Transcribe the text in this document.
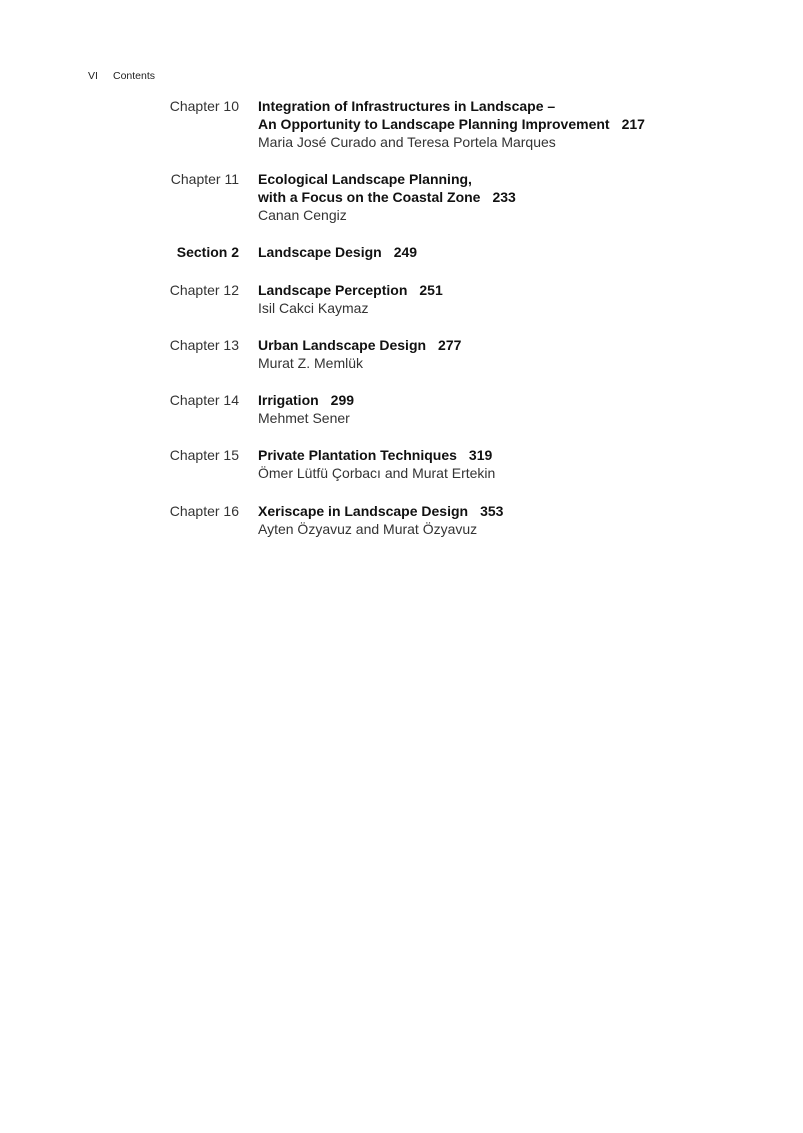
VI Contents
Chapter 10 Integration of Infrastructures in Landscape –
An Opportunity to Landscape Planning Improvement 217
Maria José Curado and Teresa Portela Marques
Chapter 11 Ecological Landscape Planning,
with a Focus on the Coastal Zone 233
Canan Cengiz
Section 2 Landscape Design 249
Chapter 12 Landscape Perception 251
Isil Cakci Kaymaz
Chapter 13 Urban Landscape Design 277
Murat Z. Memlük
Chapter 14 Irrigation 299
Mehmet Sener
Chapter 15 Private Plantation Techniques 319
Ömer Lütfü Çorbacı and Murat Ertekin
Chapter 16 Xeriscape in Landscape Design 353
Ayten Özyavuz and Murat Özyavuz
